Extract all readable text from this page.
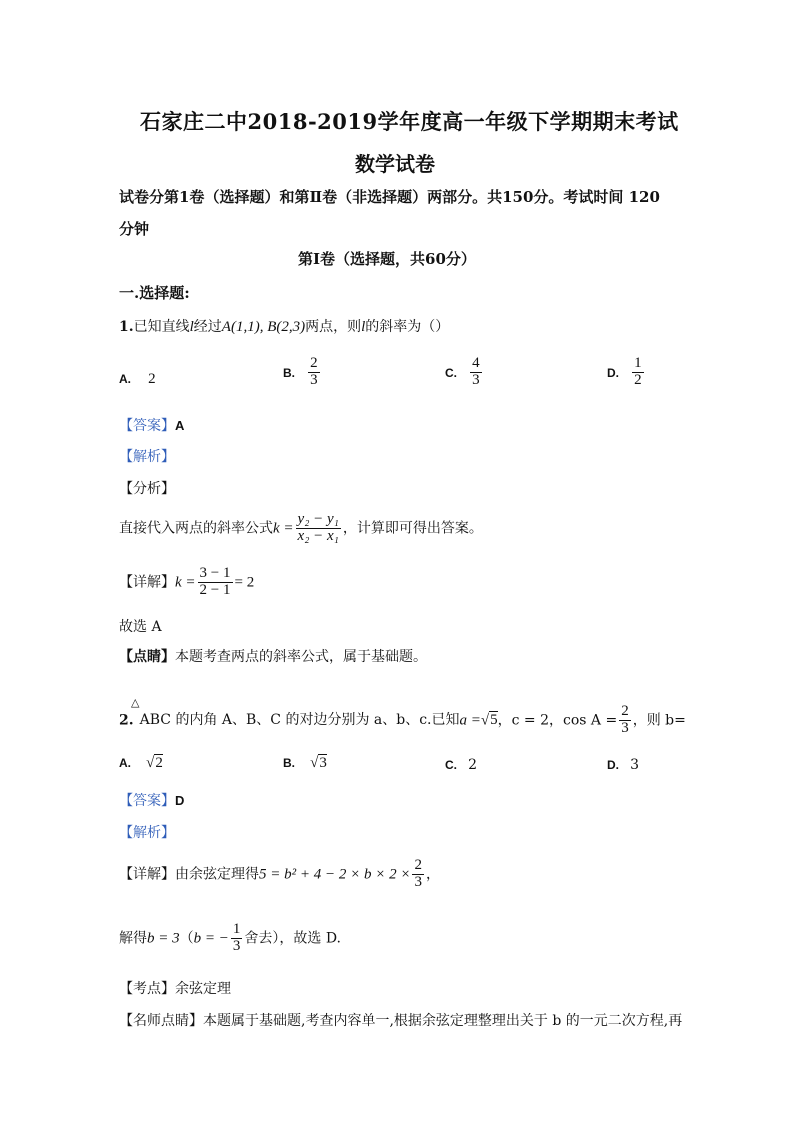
石家庄二中2018-2019学年度高一年级下学期期末考试
数学试卷
试卷分第1卷（选择题）和第Ⅱ卷（非选择题）两部分。共150分。考试时间 120
分钟
第Ⅰ卷（选择题，共60分）
一.选择题:
1.已知直线l经过A(1,1), B(2,3)两点，则l的斜率为（）
A. 2	B. $\frac{2}{3}$	C. $\frac{4}{3}$	D. $\frac{1}{2}$
【答案】A
【解析】
【分析】
直接代入两点的斜率公式$k = \frac{\text{y₂ − y₁}}{\text{x₂ − x₁}}$ ，计算即可得出答案。
【详解】$k = \frac{3 - 1}{2 - 1} = 2$
故选 A
【点睛】本题考查两点的斜率公式，属于基础题。
△
2. ABC 的内角 A、B、C 的对边分别为 a、b、c.已知a =√5，c = 2，$\cos A = \frac{2}{3}$ ，则 b=
A. √2	B. √3	C. 2	D. 3
【答案】D
【解析】
【详解】由余弦定理得$5 = b^2 + 4 - 2 \times b \times 2 \times \frac{2}{3}$ ，
解得b = 3（b = − $\frac{1}{3}$ 舍去），故选 D.
【考点】余弦定理
【名师点睛】本题属于基础题,考查内容单一,根据余弦定理整理出关于 b 的一元二次方程,再
